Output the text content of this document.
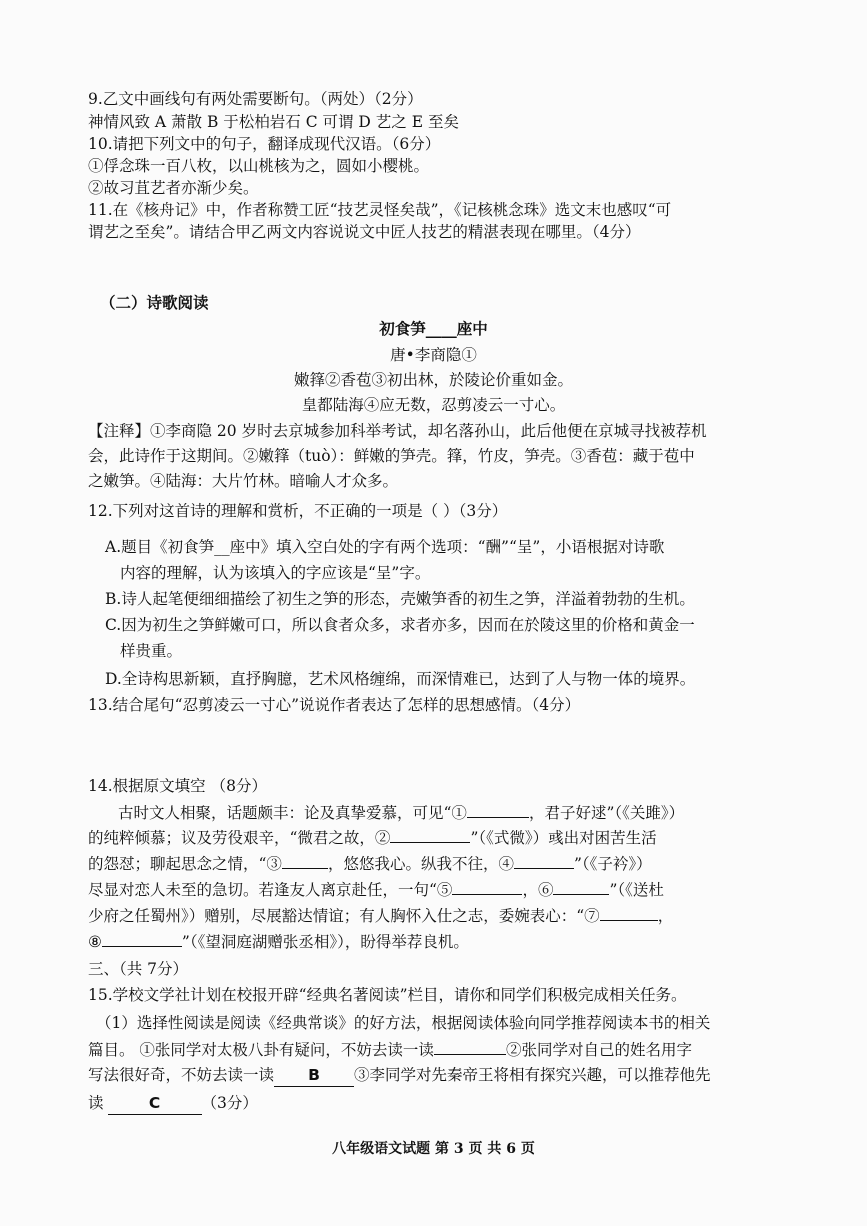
9.乙文中画线句有两处需要断句。（两处）（2分）
神情风致 A 萧散 B 于松柏岩石 C 可谓 D 艺之 E 至矣
10.请把下列文中的句子，翻译成现代汉语。（6分）
①俘念珠一百八枚，以山桃核为之，圆如小樱桃。
②故习苴艺者亦渐少矣。
11.在《核舟记》中，作者称赞工匠“技艺灵怪矣哉”，《记核桃念珠》选文末也感叹“可
谓艺之至矣”。请结合甲乙两文内容说说文中匠人技艺的精湛表现在哪里。（4分）
（二）诗歌阅读
初食笋____座中
唐•李商隐①
嫩箨②香苞③初出林，於陵论价重如金。
皇都陆海④应无数，忍剪凌云一寸心。
【注释】①李商隐 20 岁时去京城参加科举考试，却名落孙山，此后他便在京城寻找被荐机
会，此诗作于这期间。②嫩箨（tuò）：鲜嫩的笋壳。箨，竹皮，笋壳。③香苞：藏于苞中
之嫩笋。④陆海：大片竹林。暗喻人才众多。
12.下列对这首诗的理解和赏析，不正确的一项是（ ）（3分）
A.题目《初食笋__座中》填入空白处的字有两个选项：“酬”“呈”，小语根据对诗歌
内容的理解，认为该填入的字应该是“呈”字。
B.诗人起笔便细细描绘了初生之笋的形态，壳嫩笋香的初生之笋，洋溢着勃勃的生机。
C.因为初生之笋鲜嫩可口，所以食者众多，求者亦多，因而在於陵这里的价格和黄金一
样贵重。
D.全诗构思新颖，直抒胸臆，艺术风格缠绵，而深情难已，达到了人与物一体的境界。
13.结合尾句“忍剪凌云一寸心”说说作者表达了怎样的思想感情。（4分）
14.根据原文填空 （8分）
古时文人相聚，话题颇丰：论及真挚爱慕，可见“①	，君子好逑”（《关雎》）
的纯粹倾慕；议及劳役艰辛，“微君之故，②	”（《式微》）彧出对困苦生活
的怨怼；聊起思念之情，“③	，悠悠我心。纵我不往，④	”（《子衿》）
尽显对恋人未至的急切。若逢友人离京赴任，一句“⑤	，⑥	”（《送杜
少府之任蜀州》）赠别，尽展豁达情谊；有人胸怀入仕之志，委婉表心：“⑦	，
⑧	”（《望洞庭湖赠张丞相》），盼得举荐良机。
三、（共 7分）
15.学校文学社计划在校报开辟“经典名著阅读”栏目，请你和同学们积极完成相关任务。
（1）选择性阅读是阅读《经典常谈》的好方法，根据阅读体验向同学推荐阅读本书的相关
篇目。 ①张同学对太极八卦有疑问，不妨去读一读	②张同学对自己的姓名用字
写法很好奇，不妨去读一读 B ③李同学对先秦帝王将相有探究兴趣，可以推荐他先
读	C	（3分）
八年级语文试题 第 3 页 共 6 页
